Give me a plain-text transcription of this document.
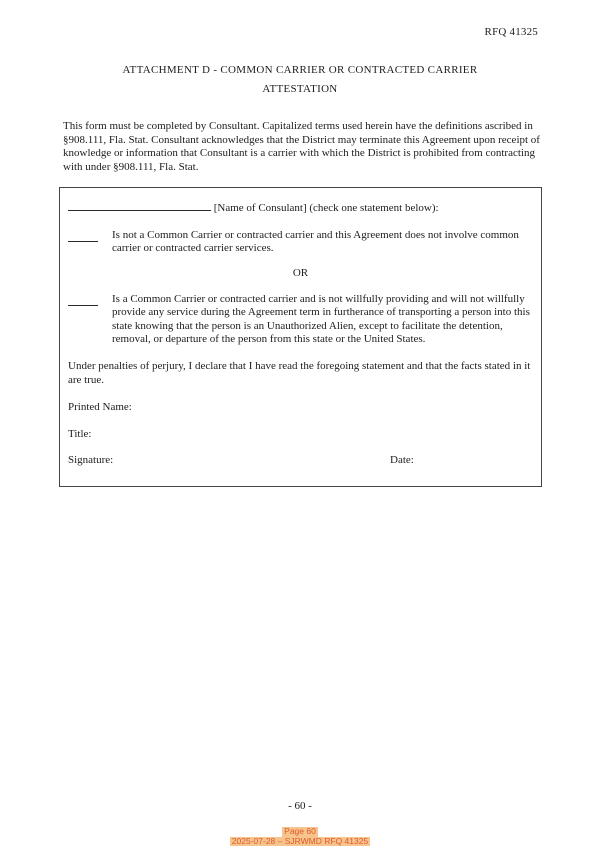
RFQ 41325
ATTACHMENT D - COMMON CARRIER OR CONTRACTED CARRIER
ATTESTATION
This form must be completed by Consultant. Capitalized terms used herein have the definitions ascribed in §908.111, Fla. Stat. Consultant acknowledges that the District may terminate this Agreement upon receipt of knowledge or information that Consultant is a carrier with which the District is prohibited from contracting with under §908.111, Fla. Stat.
[Name of Consulant] (check one statement below):
Is not a Common Carrier or contracted carrier and this Agreement does not involve common carrier or contracted carrier services.
OR
Is a Common Carrier or contracted carrier and is not willfully providing and will not willfully provide any service during the Agreement term in furtherance of transporting a person into this state knowing that the person is an Unauthorized Alien, except to facilitate the detention, removal, or departure of the person from this state or the United States.
Under penalties of perjury, I declare that I have read the foregoing statement and that the facts stated in it are true.
Printed Name:
Title:
Signature:	Date:
- 60 -
Page 60
2025-07-28 – SJRWMD RFQ 41325
